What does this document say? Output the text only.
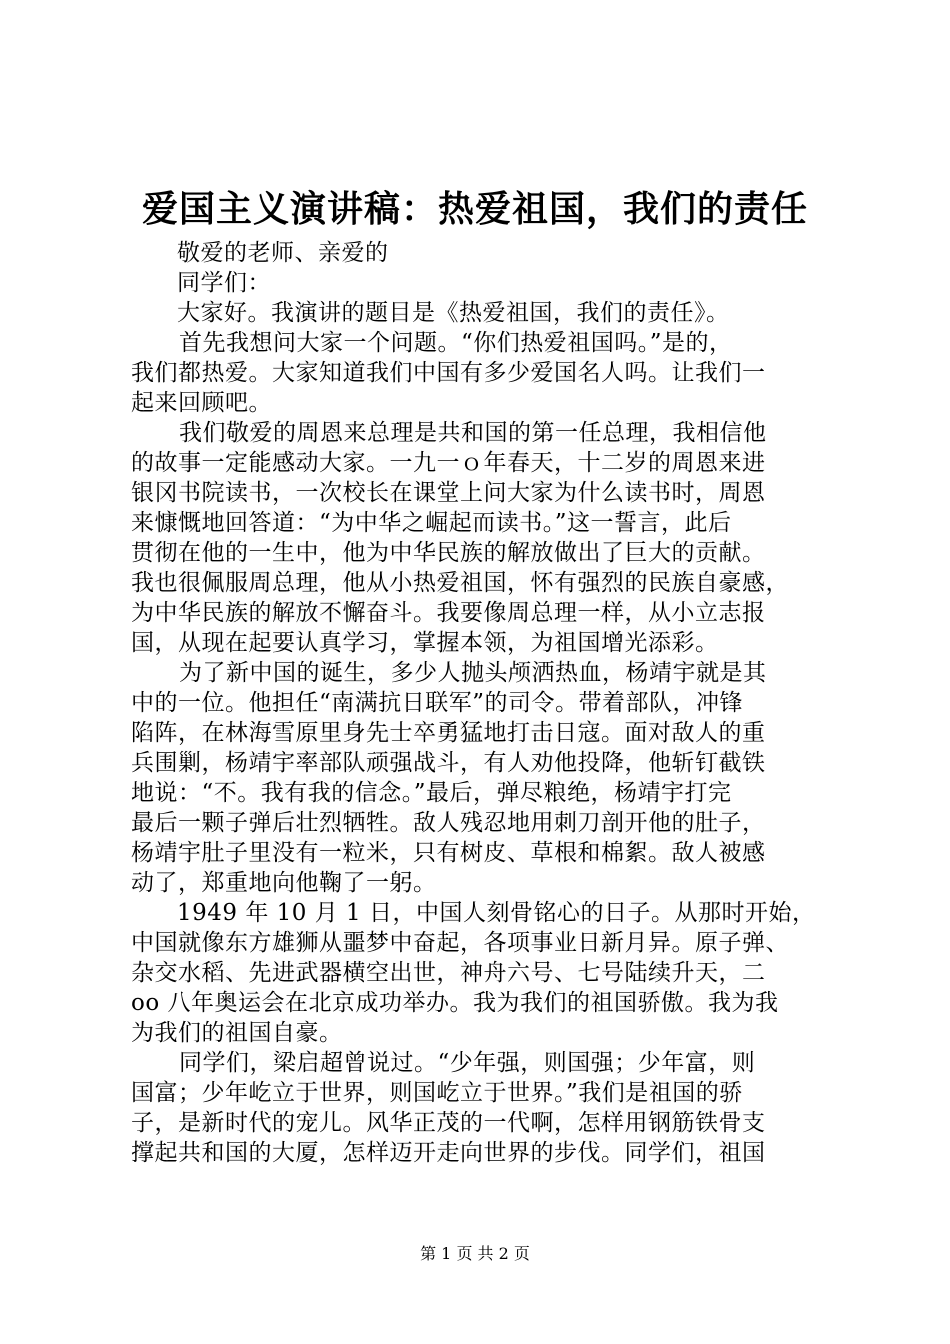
爱国主义演讲稿：热爱祖国，我们的责任
敬爱的老师、亲爱的
同学们：
大家好。我演讲的题目是《热爱祖国，我们的责任》。
首先我想问大家一个问题。“你们热爱祖国吗。”是的，
我们都热爱。大家知道我们中国有多少爱国名人吗。让我们一
起来回顾吧。
我们敬爱的周恩来总理是共和国的第一任总理，我相信他
的故事一定能感动大家。一九一ｏ年春天，十二岁的周恩来进
银冈书院读书，一次校长在课堂上问大家为什么读书时，周恩
来慷慨地回答道：“为中华之崛起而读书。”这一誓言，此后
贯彻在他的一生中，他为中华民族的解放做出了巨大的贡献。
我也很佩服周总理，他从小热爱祖国，怀有强烈的民族自豪感，
为中华民族的解放不懈奋斗。我要像周总理一样，从小立志报
国，从现在起要认真学习，掌握本领，为祖国增光添彩。
为了新中国的诞生，多少人抛头颅洒热血，杨靖宇就是其
中的一位。他担任“南满抗日联军”的司令。带着部队，冲锋
陷阵，在林海雪原里身先士卒勇猛地打击日寇。面对敌人的重
兵围剿，杨靖宇率部队顽强战斗，有人劝他投降，他斩钉截铁
地说：“不。我有我的信念。”最后，弹尽粮绝，杨靖宇打完
最后一颗子弹后壮烈牺牲。敌人残忍地用刺刀剖开他的肚子，
杨靖宇肚子里没有一粒米，只有树皮、草根和棉絮。敌人被感
动了，郑重地向他鞠了一躬。
1949 年 10 月 1 日，中国人刻骨铭心的日子。从那时开始，
中国就像东方雄狮从噩梦中奋起，各项事业日新月异。原子弹、
杂交水稻、先进武器横空出世，神舟六号、七号陆续升天，二
oo 八年奥运会在北京成功举办。我为我们的祖国骄傲。我为我
为我们的祖国自豪。
同学们，梁启超曾说过。“少年强，则国强；少年富，则
国富；少年屹立于世界，则国屹立于世界。”我们是祖国的骄
子，是新时代的宠儿。风华正茂的一代啊，怎样用钢筋铁骨支
撑起共和国的大厦，怎样迈开走向世界的步伐。同学们，祖国
第 1 页 共 2 页
